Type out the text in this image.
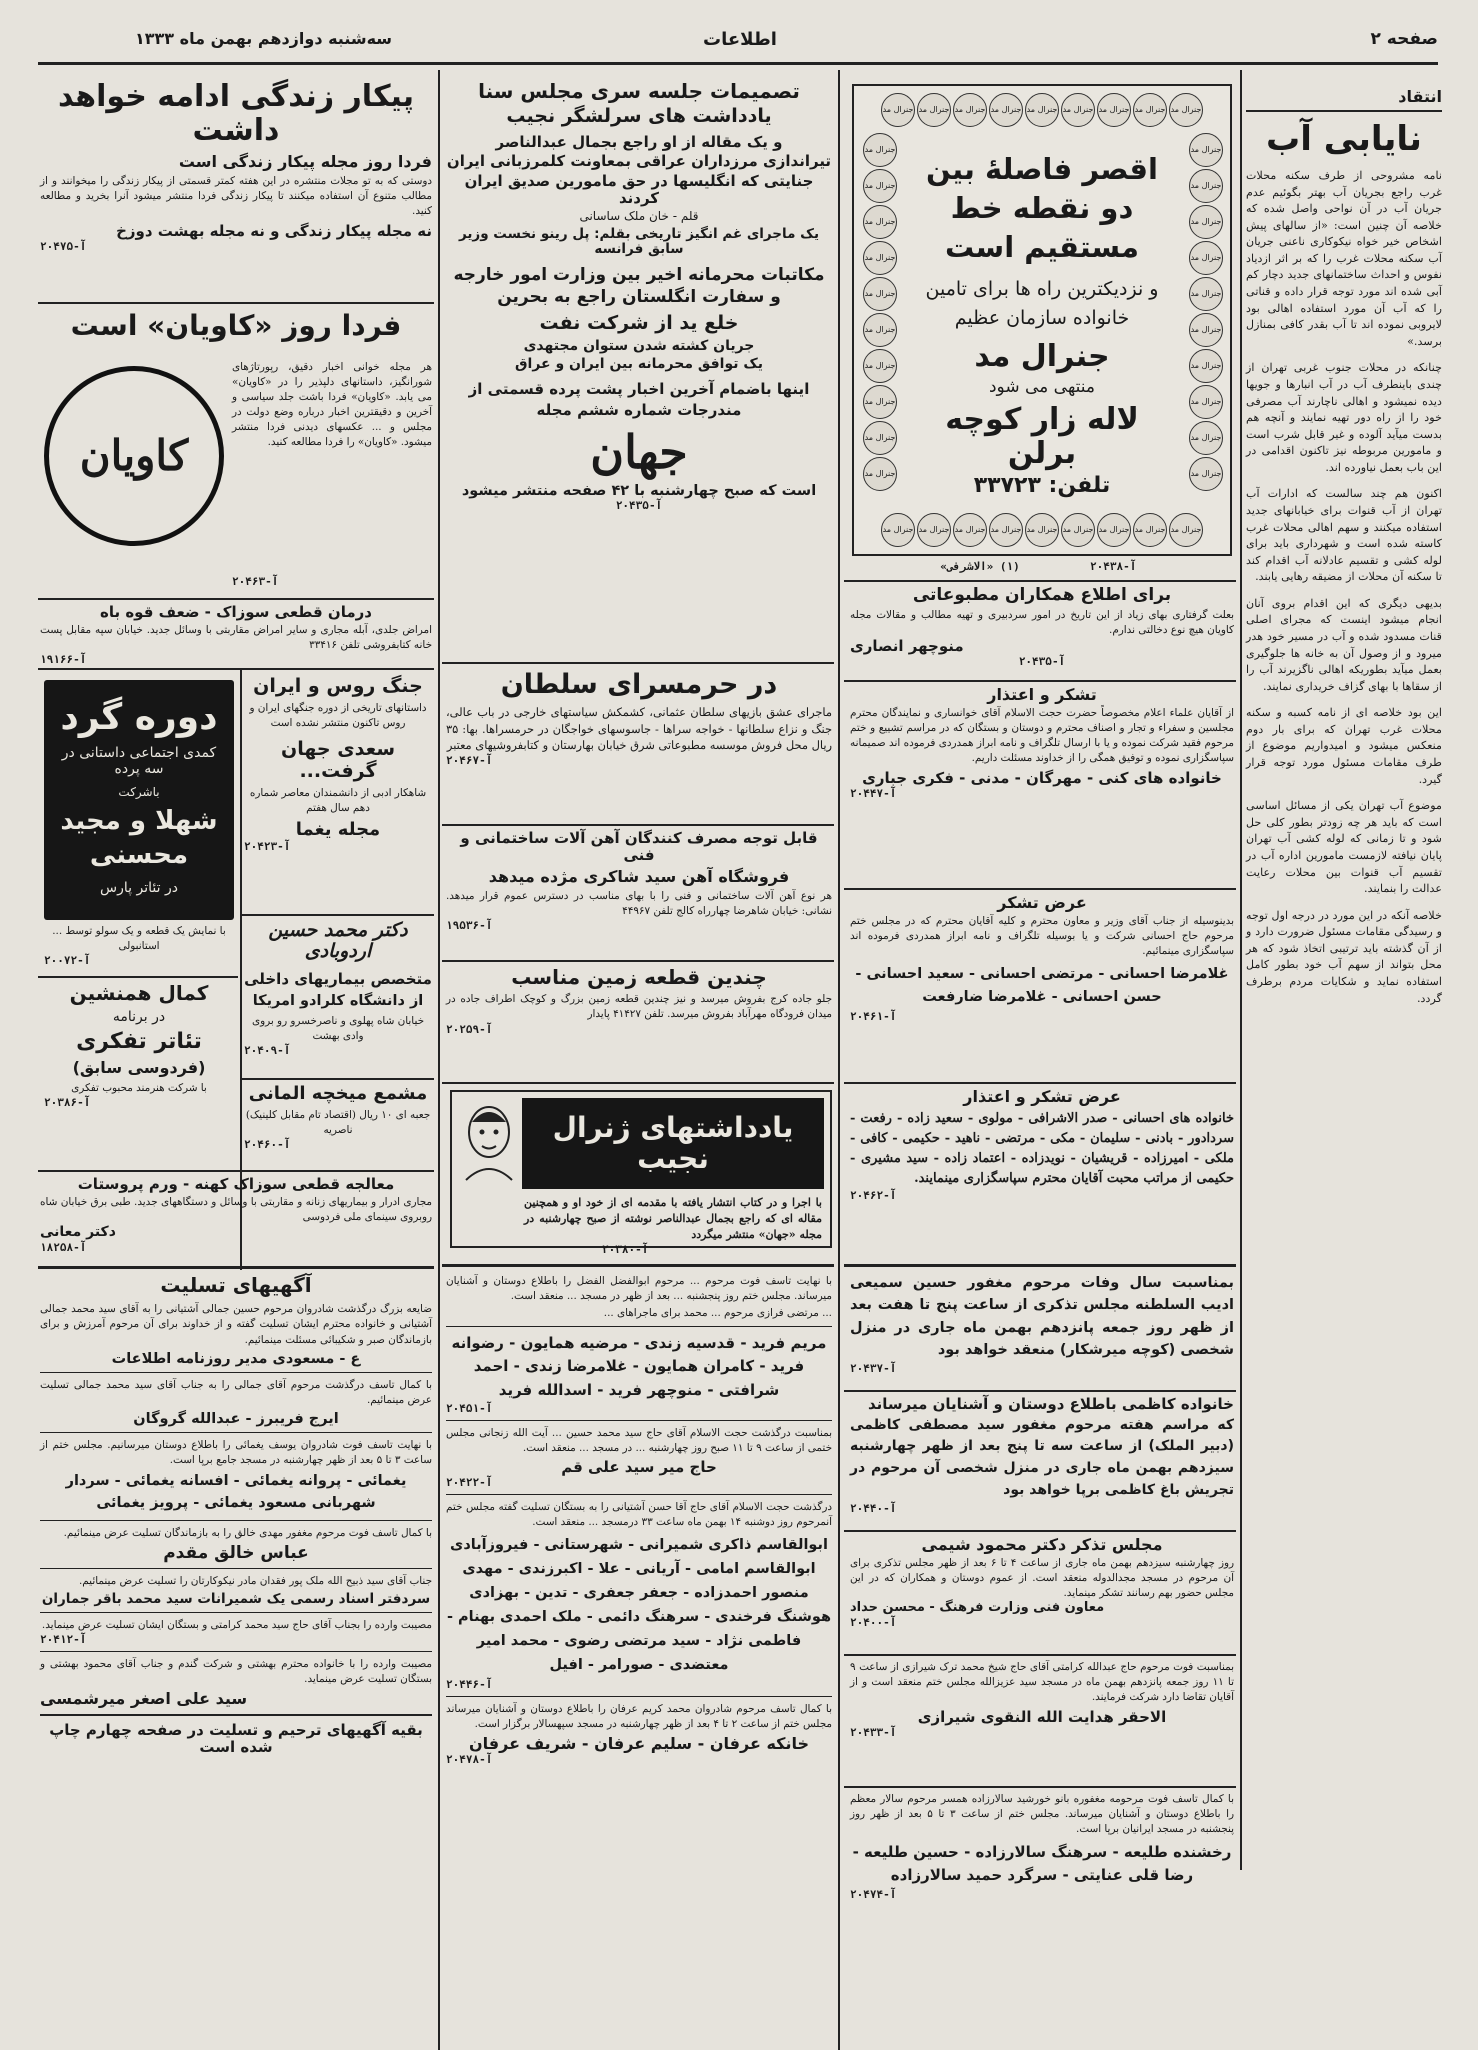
صفحه ۲
اطلاعات
سه‌شنبه دوازدهم بهمن ماه ۱۳۳۳
انتقاد
نایابی آب

نامه مشروحی از طرف سکنه محلات غرب راجع بجریان آب بهتر بگوئیم عدم جریان آب در آن نواحی واصل شده که خلاصه آن چنین است: «از سالهای پیش اشخاص خیر خواه نیکوکاری ناعنی جریان آب سکنه محلات غرب را که بر اثر ازدیاد نفوس و احداث ساختمانهای جدید دچار کم آبی شده اند مورد توجه قرار داده و قناتی را که آب آن مورد استفاده اهالی بود لایروبی نموده اند تا آب بقدر کافی بمنازل برسد.»

چنانکه در محلات جنوب غربی تهران از چندی باینطرف آب در آب انبارها و جویها دیده نمیشود و اهالی ناچارند آب مصرفی خود را از راه دور تهیه نمایند و آنچه هم بدست میآید آلوده و غیر قابل شرب است و مامورین مربوطه نیز تاکنون اقدامی در این باب بعمل نیاورده اند.

اکنون هم چند سالست که ادارات آب تهران از آب قنوات برای خیابانهای جدید استفاده میکنند و سهم اهالی محلات غرب کاسته شده است و شهرداری باید برای لوله کشی و تقسیم عادلانه آب اقدام کند تا سکنه آن محلات از مضیقه رهایی یابند.

بدیهی دیگری که این اقدام بروی آنان انجام میشود اینست که مجرای اصلی قنات مسدود شده و آب در مسیر خود هدر میرود و از وصول آن به خانه ها جلوگیری بعمل میآید بطوریکه اهالی ناگزیرند آب را از سقاها با بهای گزاف خریداری نمایند.

این بود خلاصه ای از نامه کسبه و سکنه محلات غرب تهران که برای بار دوم منعکس میشود و امیدواریم موضوع از طرف مقامات مسئول مورد توجه قرار گیرد.

موضوع آب تهران یکی از مسائل اساسی است که باید هر چه زودتر بطور کلی حل شود و تا زمانی که لوله کشی آب تهران پایان نیافته لازمست مامورین اداره آب در تقسیم آب قنوات بین محلات رعایت عدالت را بنمایند.

خلاصه آنکه در این مورد در درجه اول توجه و رسیدگی مقامات مسئول ضرورت دارد و از آن گذشته باید ترتیبی اتخاذ شود که هر محل بتواند از سهم آب خود بطور کامل استفاده نماید و شکایات مردم برطرف گردد.

جنرال مدجنرال مدجنرال مدجنرال مدجنرال مدجنرال مدجنرال مدجنرال مدجنرال مد
جنرال مدجنرال مدجنرال مدجنرال مدجنرال مدجنرال مدجنرال مدجنرال مدجنرال مدجنرال مد
جنرال مدجنرال مدجنرال مدجنرال مدجنرال مدجنرال مدجنرال مدجنرال مدجنرال مدجنرال مد
جنرال مدجنرال مدجنرال مدجنرال مدجنرال مدجنرال مدجنرال مدجنرال مدجنرال مد
اقصر فاصلهٔ بین دو نقطه خط مستقیم است
و نزدیکترین راه ها برای تامین خانواده سازمان عظیم
جنرال مد
منتهی می شود
لاله زار کوچه برلن
تلفن: ۳۳۷۲۳
آ-۲۰۴۳۸
(۱) «الاشرفی»
برای اطلاع همکاران مطبوعاتی

بعلت گرفتاری بهای زیاد از این تاریخ در امور سردبیری و تهیه مطالب و مقالات مجله کاویان هیچ نوع دخالتی ندارم.

منوچهر انصاری
آ-۲۰۴۳۵
تشکر و اعتذار

از آقایان علماء اعلام مخصوصاً حضرت حجت الاسلام آقای خوانساری و نمایندگان محترم مجلسین و سفراء و تجار و اصناف محترم و دوستان و بستگان که در مراسم تشییع و ختم مرحوم فقید شرکت نموده و یا با ارسال تلگراف و نامه ابراز همدردی فرموده اند صمیمانه سپاسگزاری نموده و توفیق همگی را از خداوند مسئلت داریم.

خانواده های کنی - مهرگان - مدنی - فکری جباری
آ-۲۰۴۴۷
عرض تشکر

بدینوسیله از جناب آقای وزیر و معاون محترم و کلیه آقایان محترم که در مجلس ختم مرحوم حاج احسانی شرکت و یا بوسیله تلگراف و نامه ابراز همدردی فرموده اند سپاسگزاری مینمائیم.

غلامرضا احسانی - مرتضی احسانی - سعید احسانی - حسن احسانی - غلامرضا ضارفعت
آ-۲۰۴۶۱
عرض تشکر و اعتذار

خانواده های احسانی - صدر الاشرافی - مولوی - سعید زاده - رفعت - سردادور - بادنی - سلیمان - مکی - مرتضی - ناهید - حکیمی - کافی - ملکی - امیرزاده - قریشیان - نویدزاده - اعتماد زاده - سید مشیری - حکیمی از مراتب محبت آقایان محترم سپاسگزاری مینمایند.

آ-۲۰۴۶۲

بمناسبت سال وفات مرحوم مغفور حسین سمیعی ادیب السلطنه مجلس تذکری از ساعت پنج تا هفت بعد از ظهر روز جمعه پانزدهم بهمن ماه جاری در منزل شخصی (کوچه میرشکار) منعقد خواهد بود

آ-۲۰۴۳۷
خانواده کاظمی باطلاع دوستان و آشنایان میرساند

که مراسم هفته مرحوم مغفور سید مصطفی کاظمی (دبیر الملک) از ساعت سه تا پنج بعد از ظهر چهارشنبه سیزدهم بهمن ماه جاری در منزل شخصی آن مرحوم در تجریش باغ کاظمی برپا خواهد بود

آ-۲۰۴۴۰
مجلس تذکر دکتر محمود شیمی

روز چهارشنبه سیزدهم بهمن ماه جاری از ساعت ۴ تا ۶ بعد از ظهر مجلس تذکری برای آن مرحوم در مسجد مجدالدوله منعقد است. از عموم دوستان و همکاران که در این مجلس حضور بهم رسانند تشکر مینماید.

معاون فنی وزارت فرهنگ - محسن حداد
آ-۲۰۴۰۰

بمناسبت فوت مرحوم حاج عبدالله کرامتی آقای حاج شیخ محمد ترک شیرازی از ساعت ۹ تا ۱۱ روز جمعه پانزدهم بهمن ماه در مسجد سید عزیزالله مجلس ختم منعقد است و از آقایان تقاضا دارد شرکت فرمایند.

الاحقر هدایت الله النقوی شیرازی
آ-۲۰۴۳۳

با کمال تاسف فوت مرحومه مغفوره بانو خورشید سالارزاده همسر مرحوم سالار معظم را باطلاع دوستان و آشنایان میرساند. مجلس ختم از ساعت ۳ تا ۵ بعد از ظهر روز پنجشنبه در مسجد ایرانیان برپا است.

رخشنده طلیعه - سرهنگ سالارزاده - حسین طلیعه - رضا قلی عنایتی - سرگرد حمید سالارزاده
آ-۲۰۴۷۴
تصمیمات جلسه سری مجلس سنا
یادداشت های سرلشگر نجیب
و یک مقاله از او راجع بجمال عبدالناصر
تیراندازی مرزداران عراقی بمعاونت کلمرزبانی ایران
جنایتی که انگلیسها در حق مامورین صدیق ایران کردند
قلم - خان ملک ساسانی
یک ماجرای غم انگیز تاریخی بقلم: پل رینو نخست وزیر سابق فرانسه
مکاتبات محرمانه اخیر بین وزارت امور خارجه و سفارت انگلستان راجع به بحرین
خلع ید از شرکت نفت
جریان کشته شدن ستوان مجتهدی
یک توافق محرمانه بین ایران و عراق
اینها باضمام آخرین اخبار پشت پرده قسمتی از مندرجات شماره ششم مجله
جهان
است که صبح چهارشنبه با ۴۲ صفحه منتشر میشود
آ-۲۰۴۳۵
در حرمسرای سلطان

ماجرای عشق بازیهای سلطان عثمانی، کشمکش سیاستهای خارجی در باب عالی، جنگ و نزاع سلطانها - خواجه سراها - جاسوسهای خواجگان در حرمسراها. بها: ۳۵ ریال محل فروش موسسه مطبوعاتی شرق خیابان بهارستان و کتابفروشیهای معتبر

آ-۲۰۴۶۷
قابل توجه مصرف کنندگان آهن آلات ساختمانی و فنی
فروشگاه آهن سید شاکری مژده میدهد

هر نوع آهن آلات ساختمانی و فنی را با بهای مناسب در دسترس عموم قرار میدهد. نشانی: خیابان شاهرضا چهارراه کالج تلفن ۴۴۹۶۷

آ-۱۹۵۳۶
چندین قطعه زمین مناسب

جلو جاده کرج بفروش میرسد و نیز چندین قطعه زمین بزرگ و کوچک اطراف جاده در میدان فرودگاه مهرآباد بفروش میرسد. تلفن ۴۱۴۲۷ پایدار

آ-۲۰۲۵۹
یادداشتهای ژنرال نجیب

با اجرا و در کتاب انتشار یافته با مقدمه ای از خود او و همچنین مقاله ای که راجع بجمال عبدالناصر نوشته از صبح چهارشنبه در مجله «جهان» منتشر میگردد

آ-۲۰۳۸۰
پیکار زندگی ادامه خواهد داشت
فردا روز مجله پیکار زندگی است

دوستی که به تو مجلات منتشره در این هفته کمتر قسمتی از پیکار زندگی را میخوانند و از مطالب متنوع آن استفاده میکنند تا پیکار زندگی فردا منتشر میشود آنرا بخرید و مطالعه کنید.

نه مجله پیکار زندگی و نه مجله بهشت دوزخ
آ-۲۰۴۷۵
فردا روز «کاویان» است
کاویان

هر مجله خوانی اخبار دقیق، رپورتاژهای شورانگیز، داستانهای دلپذیر را در «کاویان» می یابد. «کاویان» فردا باشت جلد سیاسی و آخرین و دقیقترین اخبار درباره وضع دولت در مجلس و ... عکسهای دیدنی فردا منتشر میشود. «کاویان» را فردا مطالعه کنید.

آ-۲۰۴۶۳
درمان قطعی سوزاک - ضعف قوه باه

امراض جلدی، آبله مجاری و سایر امراض مقاربتی با وسائل جدید. خیابان سپه مقابل پست خانه کتابفروشی تلفن ۳۳۴۱۶

آ-۱۹۱۶۶
جنگ روس و ایران

داستانهای تاریخی از دوره جنگهای ایران و روس تاکنون منتشر نشده است

سعدی جهان گرفت...

شاهکار ادبی از دانشمندان معاصر شماره دهم سال هفتم

مجله یغما
آ-۲۰۴۲۳
دکتر محمد حسین اردوبادی
متخصص بیماریهای داخلی
از دانشگاه کلرادو امریکا

خیابان شاه پهلوی و ناصرخسرو رو بروی وادی بهشت

آ-۲۰۴۰۹
مشمع میخچه المانی

جعبه ای ۱۰ ریال (اقتصاد تام مقابل کلینیک) ناصریه

آ-۲۰۴۶۰
دوره گرد
کمدی اجتماعی داستانی در سه پرده
باشرکت
شهلا و مجید محسنی
در تئاتر پارس

با نمایش یک قطعه و یک سولو توسط ... استانبولی

آ-۲۰۰۷۲
کمال همنشین
در برنامه
تئاتر تفکری
(فردوسی سابق)

با شرکت هنرمند محبوب تفکری

آ-۲۰۳۸۶
معالجه قطعی سوزاک کهنه - ورم پروستات

مجاری ادرار و بیماریهای زنانه و مقاربتی با وسائل و دستگاههای جدید. طبی برق خیابان شاه روبروی سینمای ملی فردوسی

دکتر معانی
آ-۱۸۲۵۸
آگهیهای تسلیت

ضایعه بزرگ درگذشت شادروان مرحوم حسین جمالی آشتیانی را به آقای سید محمد جمالی آشتیانی و خانواده محترم ایشان تسلیت گفته و از خداوند برای آن مرحوم آمرزش و برای بازماندگان صبر و شکیبائی مسئلت مینمائیم.

ع - مسعودی مدیر روزنامه اطلاعات

با کمال تاسف درگذشت مرحوم آقای جمالی را به جناب آقای سید محمد جمالی تسلیت عرض مینمائیم.

ایرج فریبرز - عبدالله گروگان

با نهایت تاسف فوت شادروان یوسف یغمائی را باطلاع دوستان میرسانیم. مجلس ختم از ساعت ۳ تا ۵ بعد از ظهر چهارشنبه در مسجد جامع برپا است.

یغمائی - پروانه یغمائی - افسانه یغمائی - سردار شهربانی مسعود یغمائی - پرویز یغمائی

با کمال تاسف فوت مرحوم مغفور مهدی خالق را به بازماندگان تسلیت عرض مینمائیم.

عباس خالق مقدم

جناب آقای سید ذبیح الله ملک پور فقدان مادر نیکوکارتان را تسلیت عرض مینمائیم.

سردفتر اسناد رسمی یک شمیرانات سید محمد باقر جماران

مصیبت وارده را بجناب آقای حاج سید محمد کرامتی و بستگان ایشان تسلیت عرض مینماید.

آ-۲۰۴۱۲

مصیبت وارده را با خانواده محترم بهشتی و شرکت گندم و جناب آقای محمود بهشتی و بستگان تسلیت عرض مینماید.

سید علی اصغر میرشمسی
بقیه آگهیهای ترحیم و تسلیت در صفحه چهارم چاپ شده است

با نهایت تاسف فوت مرحوم ... مرحوم ابوالفضل الفضل را باطلاع دوستان و آشنایان میرساند. مجلس ختم روز پنجشنبه ... بعد از ظهر در مسجد ... منعقد است.

... مرتضی فرازی مرحوم ... محمد برای ماجراهای ...

مریم فرید - قدسیه زندی - مرضیه همایون - رضوانه فرید - کامران همایون - غلامرضا زندی - احمد شرافتی - منوچهر فرید - اسدالله فرید
آ-۲۰۴۵۱

بمناسبت درگذشت حجت الاسلام آقای حاج سید محمد حسین ... آیت الله زنجانی مجلس ختمی از ساعت ۹ تا ۱۱ صبح روز چهارشنبه ... در مسجد ... منعقد است.

حاج میر سید علی قم
آ-۲۰۴۲۲

درگذشت حجت الاسلام آقای حاج آقا حسن آشتیانی را به بستگان تسلیت گفته مجلس ختم آنمرحوم روز دوشنبه ۱۴ بهمن ماه ساعت ۳۳ درمسجد ... منعقد است.

ابوالقاسم ذاکری شمیرانی - شهرستانی - فیروزآبادی ابوالقاسم امامی - آریانی - علا - اکبرزندی - مهدی منصور احمدزاده - جعفر جعفری - تدین - بهزادی هوشنگ فرخندی - سرهنگ دائمی - ملک احمدی بهنام - فاطمی نژاد - سید مرتضی رضوی - محمد امیر معتضدی - صورامر - افیل
آ-۲۰۴۴۶

با کمال تاسف مرحوم شادروان محمد کریم عرفان را باطلاع دوستان و آشنایان میرساند مجلس ختم از ساعت ۲ تا ۴ بعد از ظهر چهارشنبه در مسجد سپهسالار برگزار است.

خانکه عرفان - سلیم عرفان - شریف عرفان
آ-۲۰۴۷۸
